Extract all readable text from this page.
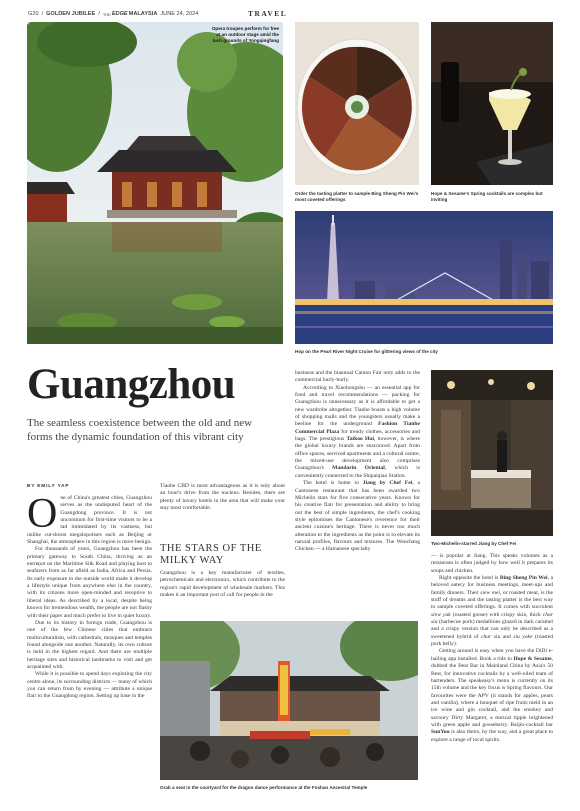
G20 / GOLDEN JUBILEE / THE EDGE MALAYSIA JUNE 24, 2024	TRAVEL
Opera troupes perform for free at an outdoor stage amid the lush grounds of Yongqingfang
Order the tasting platter to sample Bing Sheng Pin Wei's most coveted offerings
Hope & Sesame's Spring cocktails are complex but inviting
Hop on the Pearl River Night Cruise for glittering views of the city
Guangzhou
The seamless coexistence between the old and new forms the dynamic foundation of this vibrant city
BY EMILY YAP
O ne of China's greatest cities, Guangzhou serves as the undisputed heart of the Guangdong province. It is not uncommon for first-time visitors to be a tad intimidated by its vastness, but unlike cut-throat megalopolises such as Beijing or Shanghai, the atmosphere in this region is more benign.

For thousands of years, Guangzhou has been the primary gateway to South China, thriving as an entrepot on the Maritime Silk Road and playing host to seafarers from as far afield as India, Africa and Persia. Its early exposure to the outside world made it develop a lifestyle unique from anywhere else in the country, with its citizens more open-minded and receptive to liberal ideas. As described by a local, despite being known for tremendous wealth, the people are not flashy with their paper and much prefer to live in quiet luxury.

Due to its history in foreign trade, Guangzhou is one of the few Chinese cities that embrace multiculturalism, with cathedrals, mosques and temples found alongside one another. Naturally, its own culture is held in the highest regard. And there are multiple heritage sites and historical landmarks to visit and get acquainted with.

While it is possible to spend days exploring the city centre alone, its surrounding districts — many of which you can return from by evening — attribute a unique flair to the Guangdong region. Setting up base in the

Tianhe CBD is most advantageous as it is only about an hour's drive from the nucleus. Besides, there are plenty of luxury hotels in the area that will make your stay most comfortable.
THE STARS OF THE MILKY WAY
Guangzhou is a key manufacturer of textiles, petrochemicals and electronics, which contribute to the region's rapid development of wholesale markets. This makes it an important port of call for people in the
Grab a seat in the courtyard for the dragon dance performance at the Foshan Ancestral Temple
business and the biannual Canton Fair only adds to the commercial burly-burly.

According to Xiaohongshu — an essential app for food and travel recommendations — packing for Guangzhou is unnecessary as it is affordable to get a new wardrobe altogether. Tianhe boasts a high volume of shopping malls and the youngsters usually make a beeline for the underground Fashion Tianhe Commercial Plaza for trendy clothes, accessories and bags. The prestigious Taikoo Hui, however, is where the global luxury brands are ensconced. Apart from office spaces, serviced apartments and a cultural centre, the mixed-use development also comprises Guangzhou's Mandarin Oriental, which is conveniently connected to the Shipaiqiao Station.

The hotel is home to Jiang by Chef Fei, a Cantonese restaurant that has been awarded two Michelin stars for five consecutive years. Known for his creative flair for presentation and ability to bring out the best of simple ingredients, the chef's cooking style epitomises the Cantonese's reverence for their ancient cuisine's heritage. There is never too much alteration to the ingredients as the point is to elevate its natural profiles, flavours and textures. The Wenchang Chicken — a Hainanese specialty

Two-Michelin-starred Jiang by Chef Fei
— is popular at Jiang. This speaks volumes as a restaurant is often judged by how well it prepares its soups and chicken.

Right opposite the hotel is Bing Sheng Pin Wei, a beloved eatery for business meetings, meet-ups and family dinners. Their siew mei, or roasted meat, is the stuff of dreams and the tasting platter is the best way to sample coveted offerings. It comes with succulent siew yuk (roasted goose) with crispy skin, thick char siu (barbecue pork) medallions glazed in dark caramel and a crispy version that can only be described as a sweetened hybrid of char siu and siu yoke (roasted pork belly).

Getting around is easy when you have the DiDi e-hailing app installed. Book a ride to Hope & Sesame, dubbed the Best Bar in Mainland China by Asia's 50 Best, for innovative cocktails by a well-oiled team of bartenders. The speakeasy's menu is currently on its 15th volume and the key focus is Spring flavours. Our favourites were the APV (it stands for apples, pears and vanilla), where a bouquet of ripe fruits meld in an ice wine and gin cocktail, and the smokey and savoury Dirty Margaret, a mezcal tipple brightened with green apple and gooseberry. Baijiu-cocktail bar SunYou is also theirs, by the way, and a great place to explore a range of local spirits.
